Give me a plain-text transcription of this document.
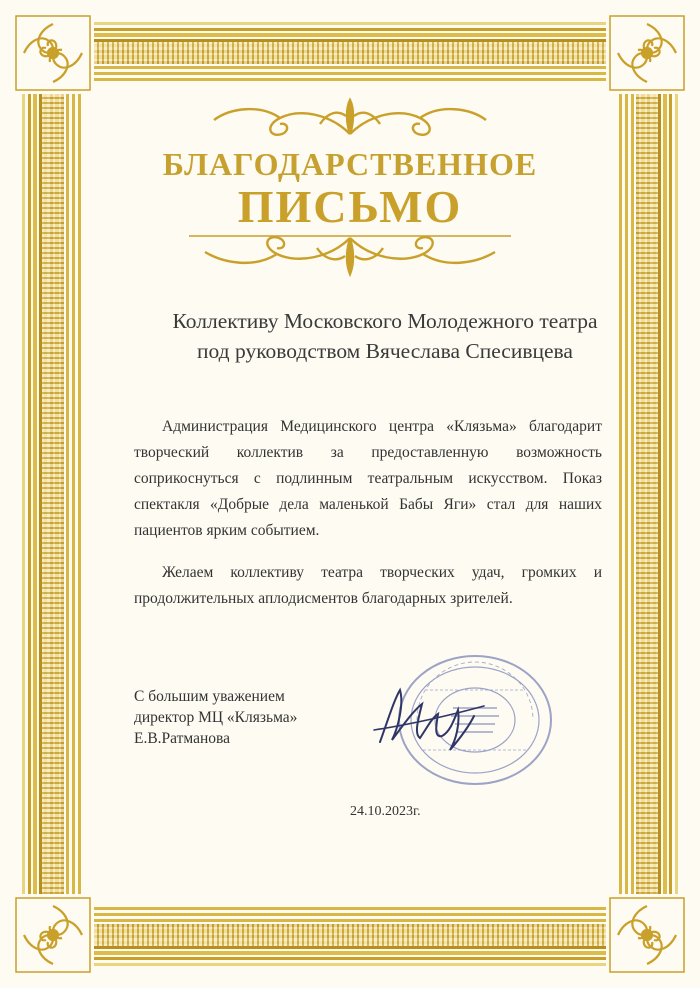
БЛАГОДАРСТВЕННОЕ
ПИСЬМО
Коллективу Московского Молодежного театра
под руководством Вячеслава Спесивцева

Администрация Медицинского центра «Клязьма» благодарит творческий коллектив за предоставленную возможность соприкоснуться с подлинным театральным искусством. Показ спектакля «Добрые дела маленькой Бабы Яги» стал для наших пациентов ярким событием.

Желаем коллективу театра творческих удач, громких и продолжительных аплодисментов благодарных зрителей.

С большим уважением
директор МЦ «Клязьма»
Е.В.Ратманова
24.10.2023г.
